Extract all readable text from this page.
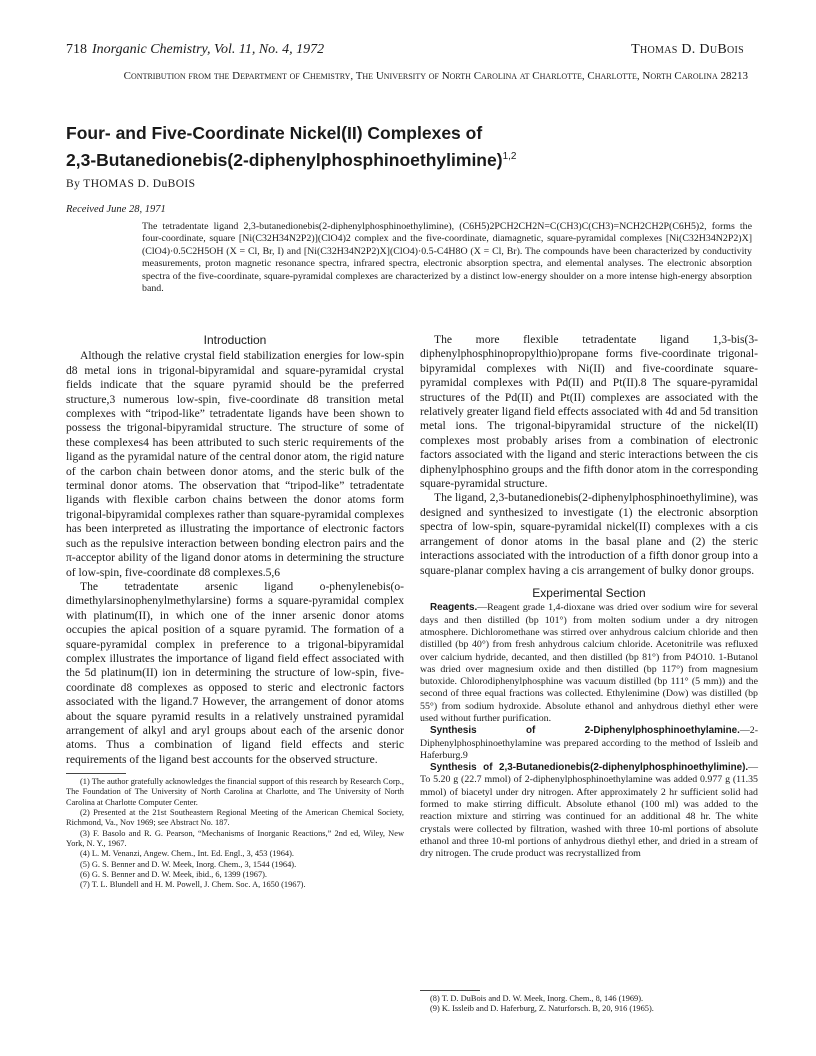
718 Inorganic Chemistry, Vol. 11, No. 4, 1972	Thomas D. DuBois
Contribution from the Department of Chemistry, The University of North Carolina at Charlotte, Charlotte, North Carolina 28213
Four- and Five-Coordinate Nickel(II) Complexes of
2,3-Butanedionebis(2-diphenylphosphinoethylimine)$^{1,2}$
By THOMAS D. DuBOIS
Received June 28, 1971
The tetradentate ligand 2,3-butanedionebis(2-diphenylphosphinoethylimine), (C6H5)2PCH2CH2N=C(CH3)C(CH3)=NCH2CH2P(C6H5)2, forms the four-coordinate, square [Ni(C32H34N2P2)](ClO4)2 complex and the five-coordinate, diamagnetic, square-pyramidal complexes [Ni(C32H34N2P2)X](ClO4)·0.5C2H5OH (X = Cl, Br, I) and [Ni(C32H34N2P2)X](ClO4)·0.5-C4H8O (X = Cl, Br). The compounds have been characterized by conductivity measurements, proton magnetic resonance spectra, infrared spectra, electronic absorption spectra, and elemental analyses. The electronic absorption spectra of the five-coordinate, square-pyramidal complexes are characterized by a distinct low-energy shoulder on a more intense high-energy absorption band.
Introduction

Although the relative crystal field stabilization energies for low-spin d8 metal ions in trigonal-bipyramidal and square-pyramidal crystal fields indicate that the square pyramid should be the preferred structure,3 numerous low-spin, five-coordinate d8 transition metal complexes with “tripod-like” tetradentate ligands have been shown to possess the trigonal-bipyramidal structure. The structure of some of these complexes4 has been attributed to such steric requirements of the ligand as the pyramidal nature of the central donor atom, the rigid nature of the carbon chain between donor atoms, and the steric bulk of the terminal donor atoms. The observation that “tripod-like” tetradentate ligands with flexible carbon chains between the donor atoms form trigonal-bipyramidal complexes rather than square-pyramidal complexes has been interpreted as illustrating the importance of electronic factors such as the repulsive interaction between bonding electron pairs and the π-acceptor ability of the ligand donor atoms in determining the structure of low-spin, five-coordinate d8 complexes.5,6

The tetradentate arsenic ligand o-phenylenebis(o-dimethylarsinophenylmethylarsine) forms a square-pyramidal complex with platinum(II), in which one of the inner arsenic donor atoms occupies the apical position of a square pyramid. The formation of a square-pyramidal complex in preference to a trigonal-bipyramidal complex illustrates the importance of ligand field effect associated with the 5d platinum(II) ion in determining the structure of low-spin, five-coordinate d8 complexes as opposed to steric and electronic factors associated with the ligand.7 However, the arrangement of donor atoms about the square pyramid results in a relatively unstrained pyramidal arrangement of alkyl and aryl groups about each of the arsenic donor atoms. Thus a combination of ligand field effects and steric requirements of the ligand best accounts for the observed structure.

(1) The author gratefully acknowledges the financial support of this research by Research Corp., The Foundation of The University of North Carolina at Charlotte, and The University of North Carolina at Charlotte Computer Center.

(2) Presented at the 21st Southeastern Regional Meeting of the American Chemical Society, Richmond, Va., Nov 1969; see Abstract No. 187.

(3) F. Basolo and R. G. Pearson, “Mechanisms of Inorganic Reactions,” 2nd ed, Wiley, New York, N. Y., 1967.

(4) L. M. Venanzi, Angew. Chem., Int. Ed. Engl., 3, 453 (1964).

(5) G. S. Benner and D. W. Meek, Inorg. Chem., 3, 1544 (1964).

(6) G. S. Benner and D. W. Meek, ibid., 6, 1399 (1967).

(7) T. L. Blundell and H. M. Powell, J. Chem. Soc. A, 1650 (1967).

The more flexible tetradentate ligand 1,3-bis(3-diphenylphosphinopropylthio)propane forms five-coordinate trigonal-bipyramidal complexes with Ni(II) and five-coordinate square-pyramidal complexes with Pd(II) and Pt(II).8 The square-pyramidal structures of the Pd(II) and Pt(II) complexes are associated with the relatively greater ligand field effects associated with 4d and 5d transition metal ions. The trigonal-bipyramidal structure of the nickel(II) complexes most probably arises from a combination of electronic factors associated with the ligand and steric interactions between the cis diphenylphosphino groups and the fifth donor atom in the corresponding square-pyramidal structure.

The ligand, 2,3-butanedionebis(2-diphenylphosphinoethylimine), was designed and synthesized to investigate (1) the electronic absorption spectra of low-spin, square-pyramidal nickel(II) complexes with a cis arrangement of donor atoms in the basal plane and (2) the steric interactions associated with the introduction of a fifth donor group into a square-planar complex having a cis arrangement of bulky donor groups.

Experimental Section

Reagents.—Reagent grade 1,4-dioxane was dried over sodium wire for several days and then distilled (bp 101°) from molten sodium under a dry nitrogen atmosphere. Dichloromethane was stirred over anhydrous calcium chloride and then distilled (bp 40°) from fresh anhydrous calcium chloride. Acetonitrile was refluxed over calcium hydride, decanted, and then distilled (bp 81°) from P4O10. 1-Butanol was dried over magnesium oxide and then distilled (bp 117°) from magnesium butoxide. Chlorodiphenylphosphine was vacuum distilled (bp 111° (5 mm)) and the second of three equal fractions was collected. Ethylenimine (Dow) was distilled (bp 55°) from sodium hydroxide. Absolute ethanol and anhydrous diethyl ether were used without further purification.

Synthesis of 2-Diphenylphosphinoethylamine.—2-Diphenylphosphinoethylamine was prepared according to the method of Issleib and Haferburg.9

Synthesis of 2,3-Butanedionebis(2-diphenylphosphinoethylimine).—To 5.20 g (22.7 mmol) of 2-diphenylphosphinoethylamine was added 0.977 g (11.35 mmol) of biacetyl under dry nitrogen. After approximately 2 hr sufficient solid had formed to make stirring difficult. Absolute ethanol (100 ml) was added to the reaction mixture and stirring was continued for an additional 48 hr. The white crystals were collected by filtration, washed with three 10-ml portions of absolute ethanol and three 10-ml portions of anhydrous diethyl ether, and dried in a stream of dry nitrogen. The crude product was recrystallized from

(8) T. D. DuBois and D. W. Meek, Inorg. Chem., 8, 146 (1969).

(9) K. Issleib and D. Haferburg, Z. Naturforsch. B, 20, 916 (1965).
